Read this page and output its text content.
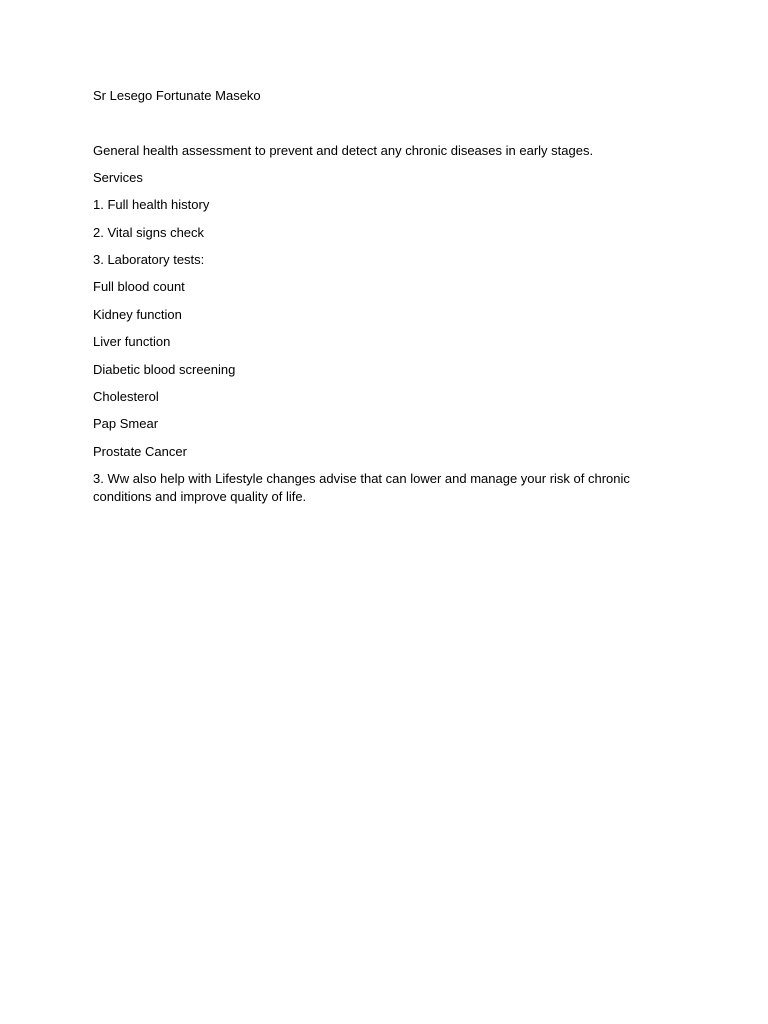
Sr Lesego Fortunate Maseko
General health assessment to prevent and detect any chronic diseases in early stages.
Services
1. Full health history
2. Vital signs check
3. Laboratory tests:
Full blood count
Kidney function
Liver function
Diabetic blood screening
Cholesterol
Pap Smear
Prostate Cancer
3. Ww also help with Lifestyle changes advise that can lower and manage your risk of chronic
conditions and improve quality of life.
